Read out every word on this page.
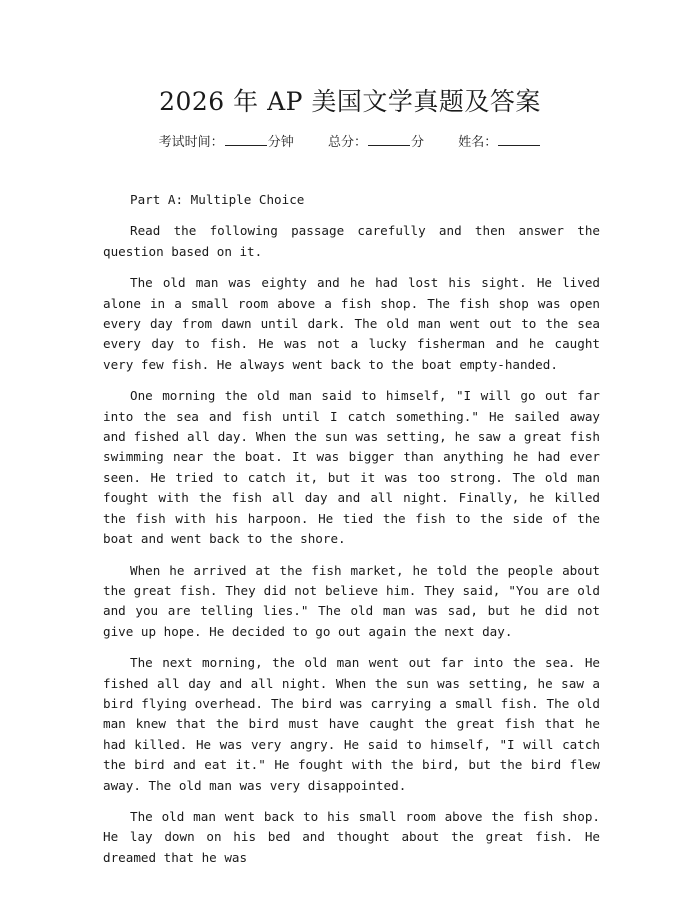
2026 年 AP 美国文学真题及答案
考试时间：	分钟	总分：	分	姓名：

Part A: Multiple Choice

Read the following passage carefully and then answer the question based on it.

The old man was eighty and he had lost his sight. He lived alone in a small room above a fish shop. The fish shop was open every day from dawn until dark. The old man went out to the sea every day to fish. He was not a lucky fisherman and he caught very few fish. He always went back to the boat empty-handed.

One morning the old man said to himself, "I will go out far into the sea and fish until I catch something." He sailed away and fished all day. When the sun was setting, he saw a great fish swimming near the boat. It was bigger than anything he had ever seen. He tried to catch it, but it was too strong. The old man fought with the fish all day and all night. Finally, he killed the fish with his harpoon. He tied the fish to the side of the boat and went back to the shore.

When he arrived at the fish market, he told the people about the great fish. They did not believe him. They said, "You are old and you are telling lies." The old man was sad, but he did not give up hope. He decided to go out again the next day.

The next morning, the old man went out far into the sea. He fished all day and all night. When the sun was setting, he saw a bird flying overhead. The bird was carrying a small fish. The old man knew that the bird must have caught the great fish that he had killed. He was very angry. He said to himself, "I will catch the bird and eat it." He fought with the bird, but the bird flew away. The old man was very disappointed.

The old man went back to his small room above the fish shop. He lay down on his bed and thought about the great fish. He dreamed that he was
